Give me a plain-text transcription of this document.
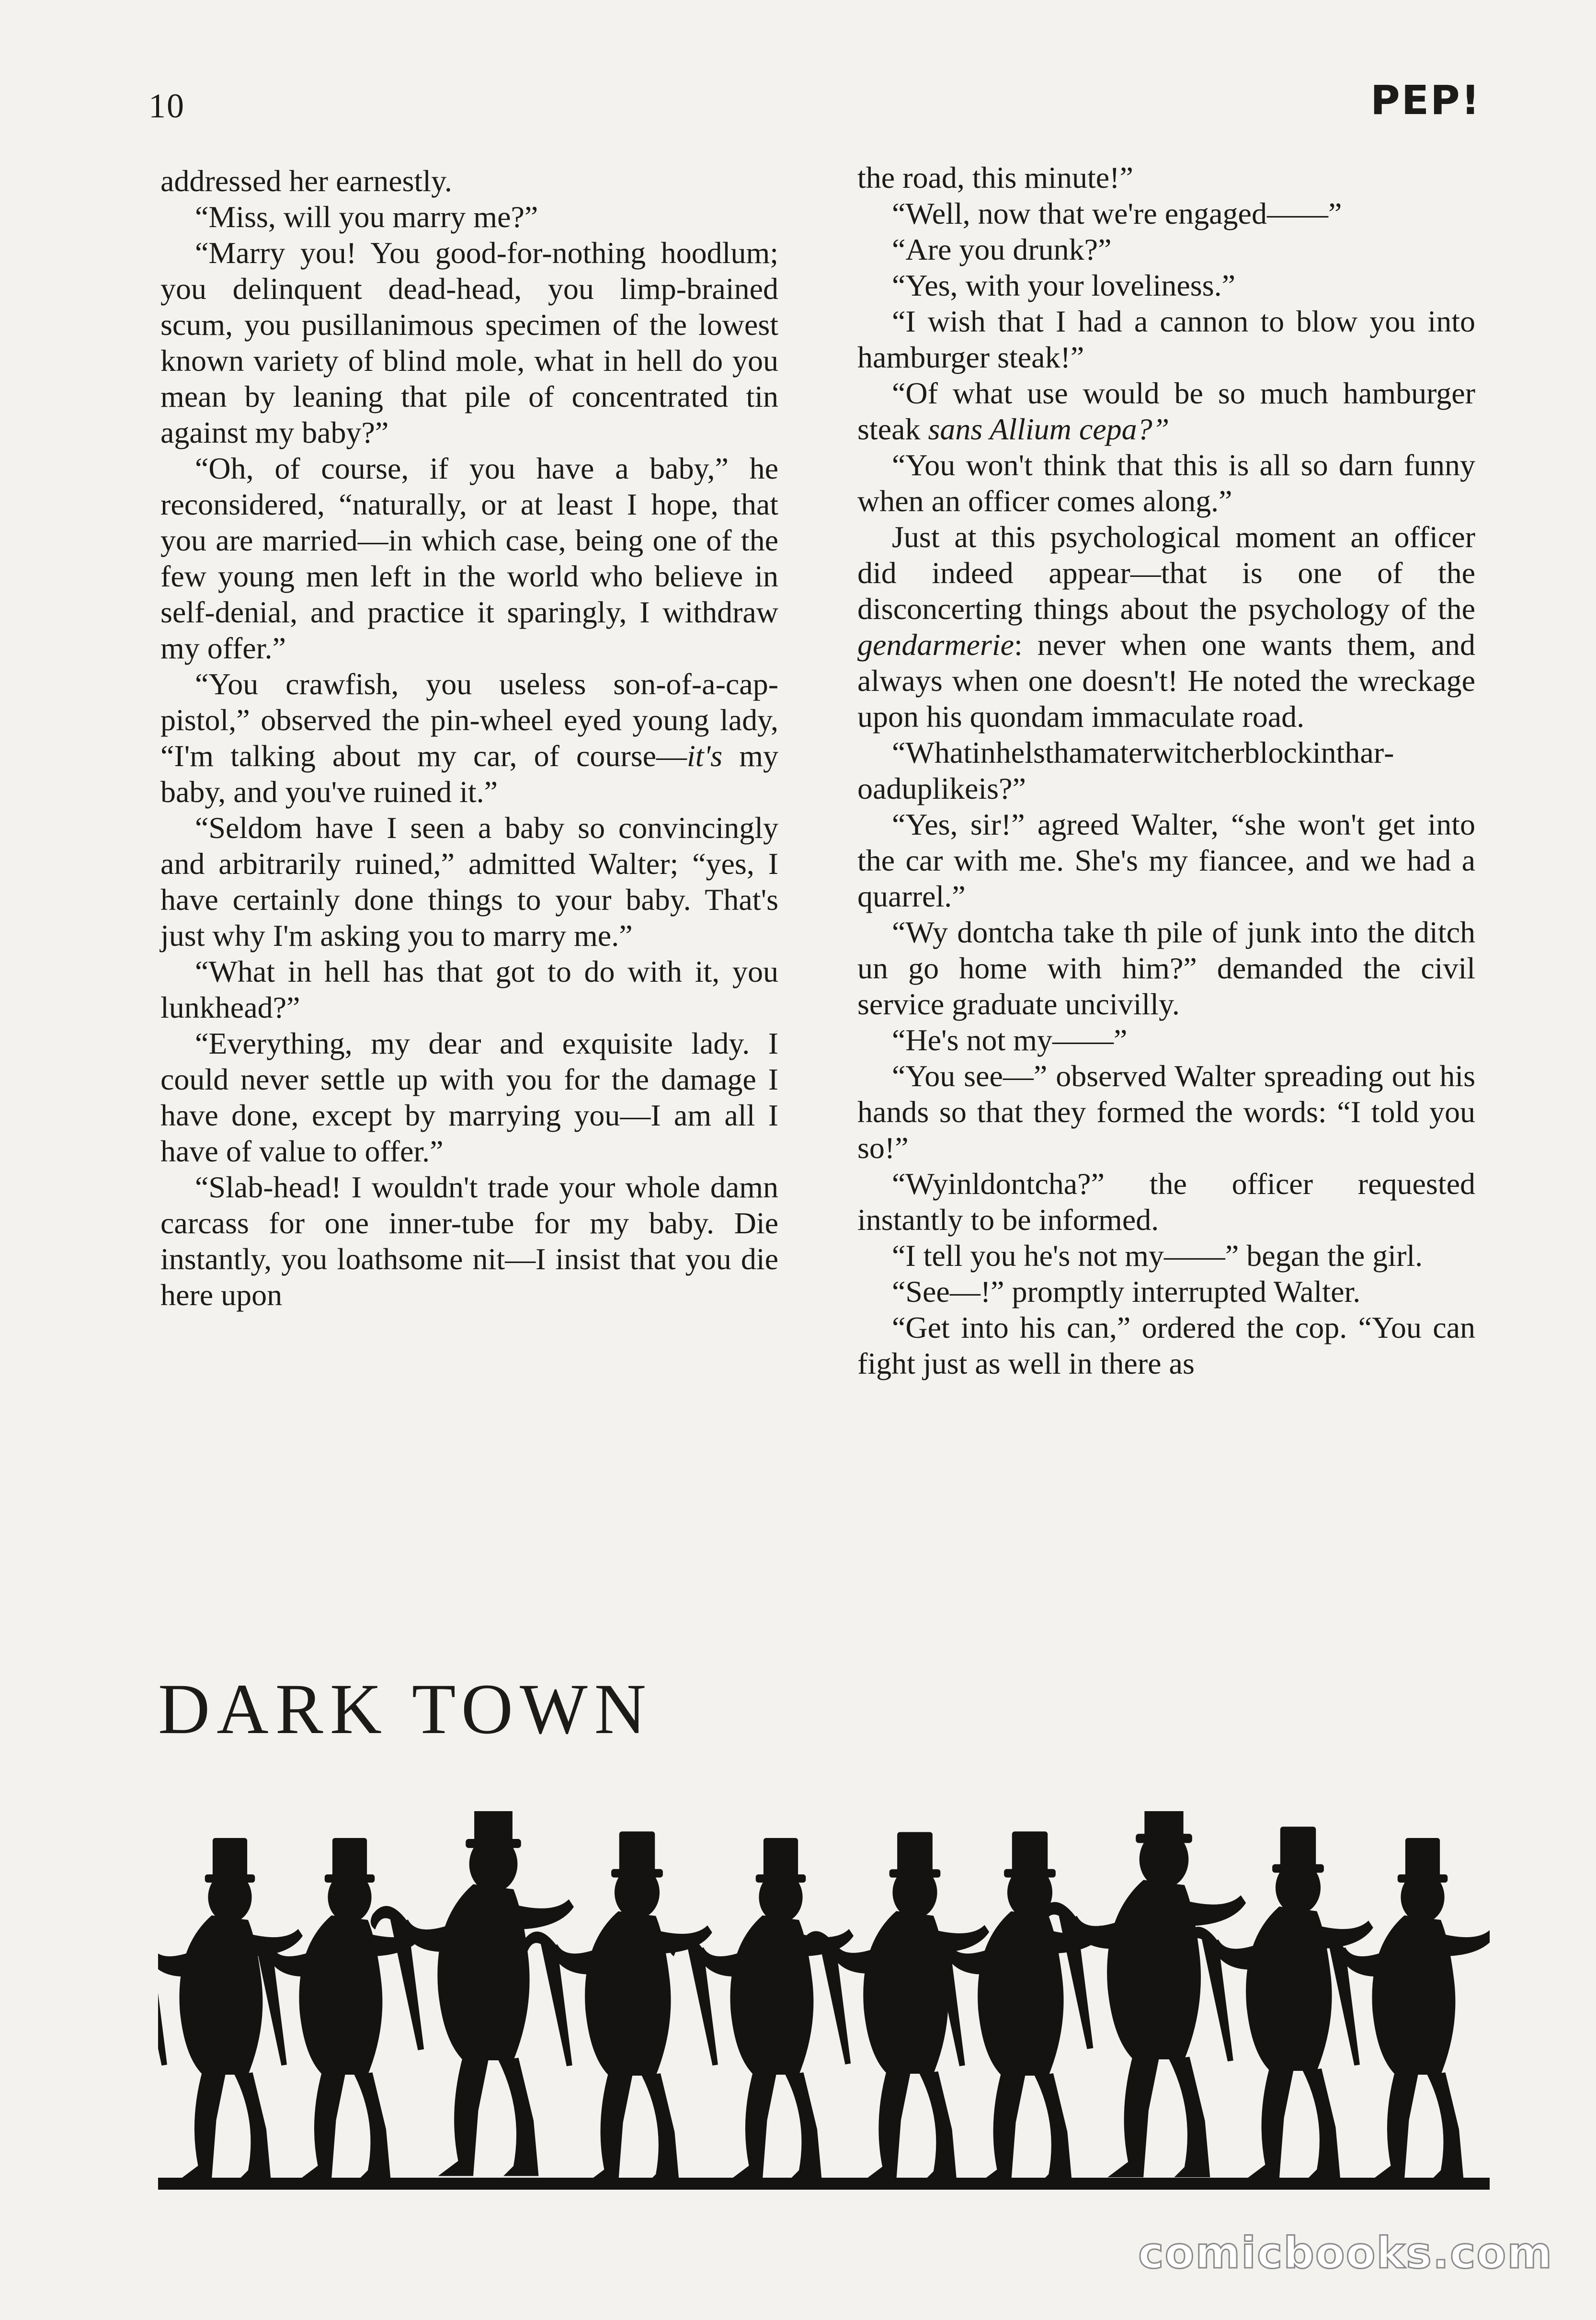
10	PEP!

addressed her earnestly.

“Miss, will you marry me?”

“Marry you! You good-for-nothing hoodlum; you delinquent dead-head, you limp-brained scum, you pusillanimous specimen of the lowest known variety of blind mole, what in hell do you mean by leaning that pile of concentrated tin against my baby?”

“Oh, of course, if you have a baby,” he reconsidered, “naturally, or at least I hope, that you are married—in which case, being one of the few young men left in the world who believe in self-denial, and practice it sparingly, I withdraw my offer.”

“You crawfish, you useless son-of-a-cap-pistol,” observed the pin-wheel eyed young lady, “I'm talking about my car, of course—it's my baby, and you've ruined it.”

“Seldom have I seen a baby so convincingly and arbitrarily ruined,” admitted Walter; “yes, I have certainly done things to your baby. That's just why I'm asking you to marry me.”

“What in hell has that got to do with it, you lunkhead?”

“Everything, my dear and exquisite lady. I could never settle up with you for the damage I have done, except by marrying you—I am all I have of value to offer.”

“Slab-head! I wouldn't trade your whole damn carcass for one inner-tube for my baby. Die instantly, you loathsome nit—I insist that you die here upon

the road, this minute!”

“Well, now that we're engaged——”

“Are you drunk?”

“Yes, with your loveliness.”

“I wish that I had a cannon to blow you into hamburger steak!”

“Of what use would be so much hamburger steak sans Allium cepa?”

“You won't think that this is all so darn funny when an officer comes along.”

Just at this psychological moment an officer did indeed appear—that is one of the disconcerting things about the psychology of the gendarmerie: never when one wants them, and always when one doesn't! He noted the wreckage upon his quondam immaculate road.

“Whatinhelsthamaterwitcherblockintharoaduplikeis?”

“Yes, sir!” agreed Walter, “she won't get into the car with me. She's my fiancee, and we had a quarrel.”

“Wy dontcha take th pile of junk into the ditch un go home with him?” demanded the civil service graduate uncivilly.

“He's not my——”

“You see—” observed Walter spreading out his hands so that they formed the words: “I told you so!”

“Wyinldontcha?” the officer requested instantly to be informed.

“I tell you he's not my——” began the girl.

“See—!” promptly interrupted Walter.

“Get into his can,” ordered the cop. “You can fight just as well in there as

DARK TOWN
comicbooks.com
